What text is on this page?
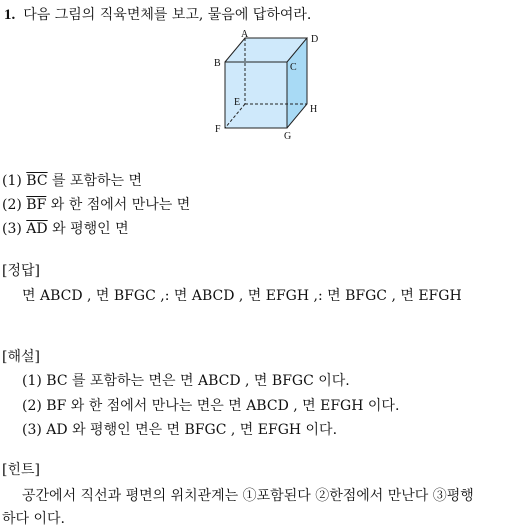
1. 다음 그림의 직육면체를 보고, 물음에 답하여라.
A	D
B	C
E
H
F
G
(1) $\overline{BC}$ 를 포함하는 면
(2) $\overline{BF}$ 와 한 점에서 만나는 면
(3) $\overline{AD}$ 와 평행인 면
[정답]
면 ABCD , 면 BFGC ,: 면 ABCD , 면 EFGH ,: 면 BFGC , 면 EFGH
[해설]
(1) BC 를 포함하는 면은 면 ABCD , 면 BFGC 이다.
(2) BF 와 한 점에서 만나는 면은 면 ABCD , 면 EFGH 이다.
(3) AD 와 평행인 면은 면 BFGC , 면 EFGH 이다.
[힌트]
공간에서 직선과 평면의 위치관계는 ①포함된다 ②한점에서 만난다 ③평행
하다 이다.
